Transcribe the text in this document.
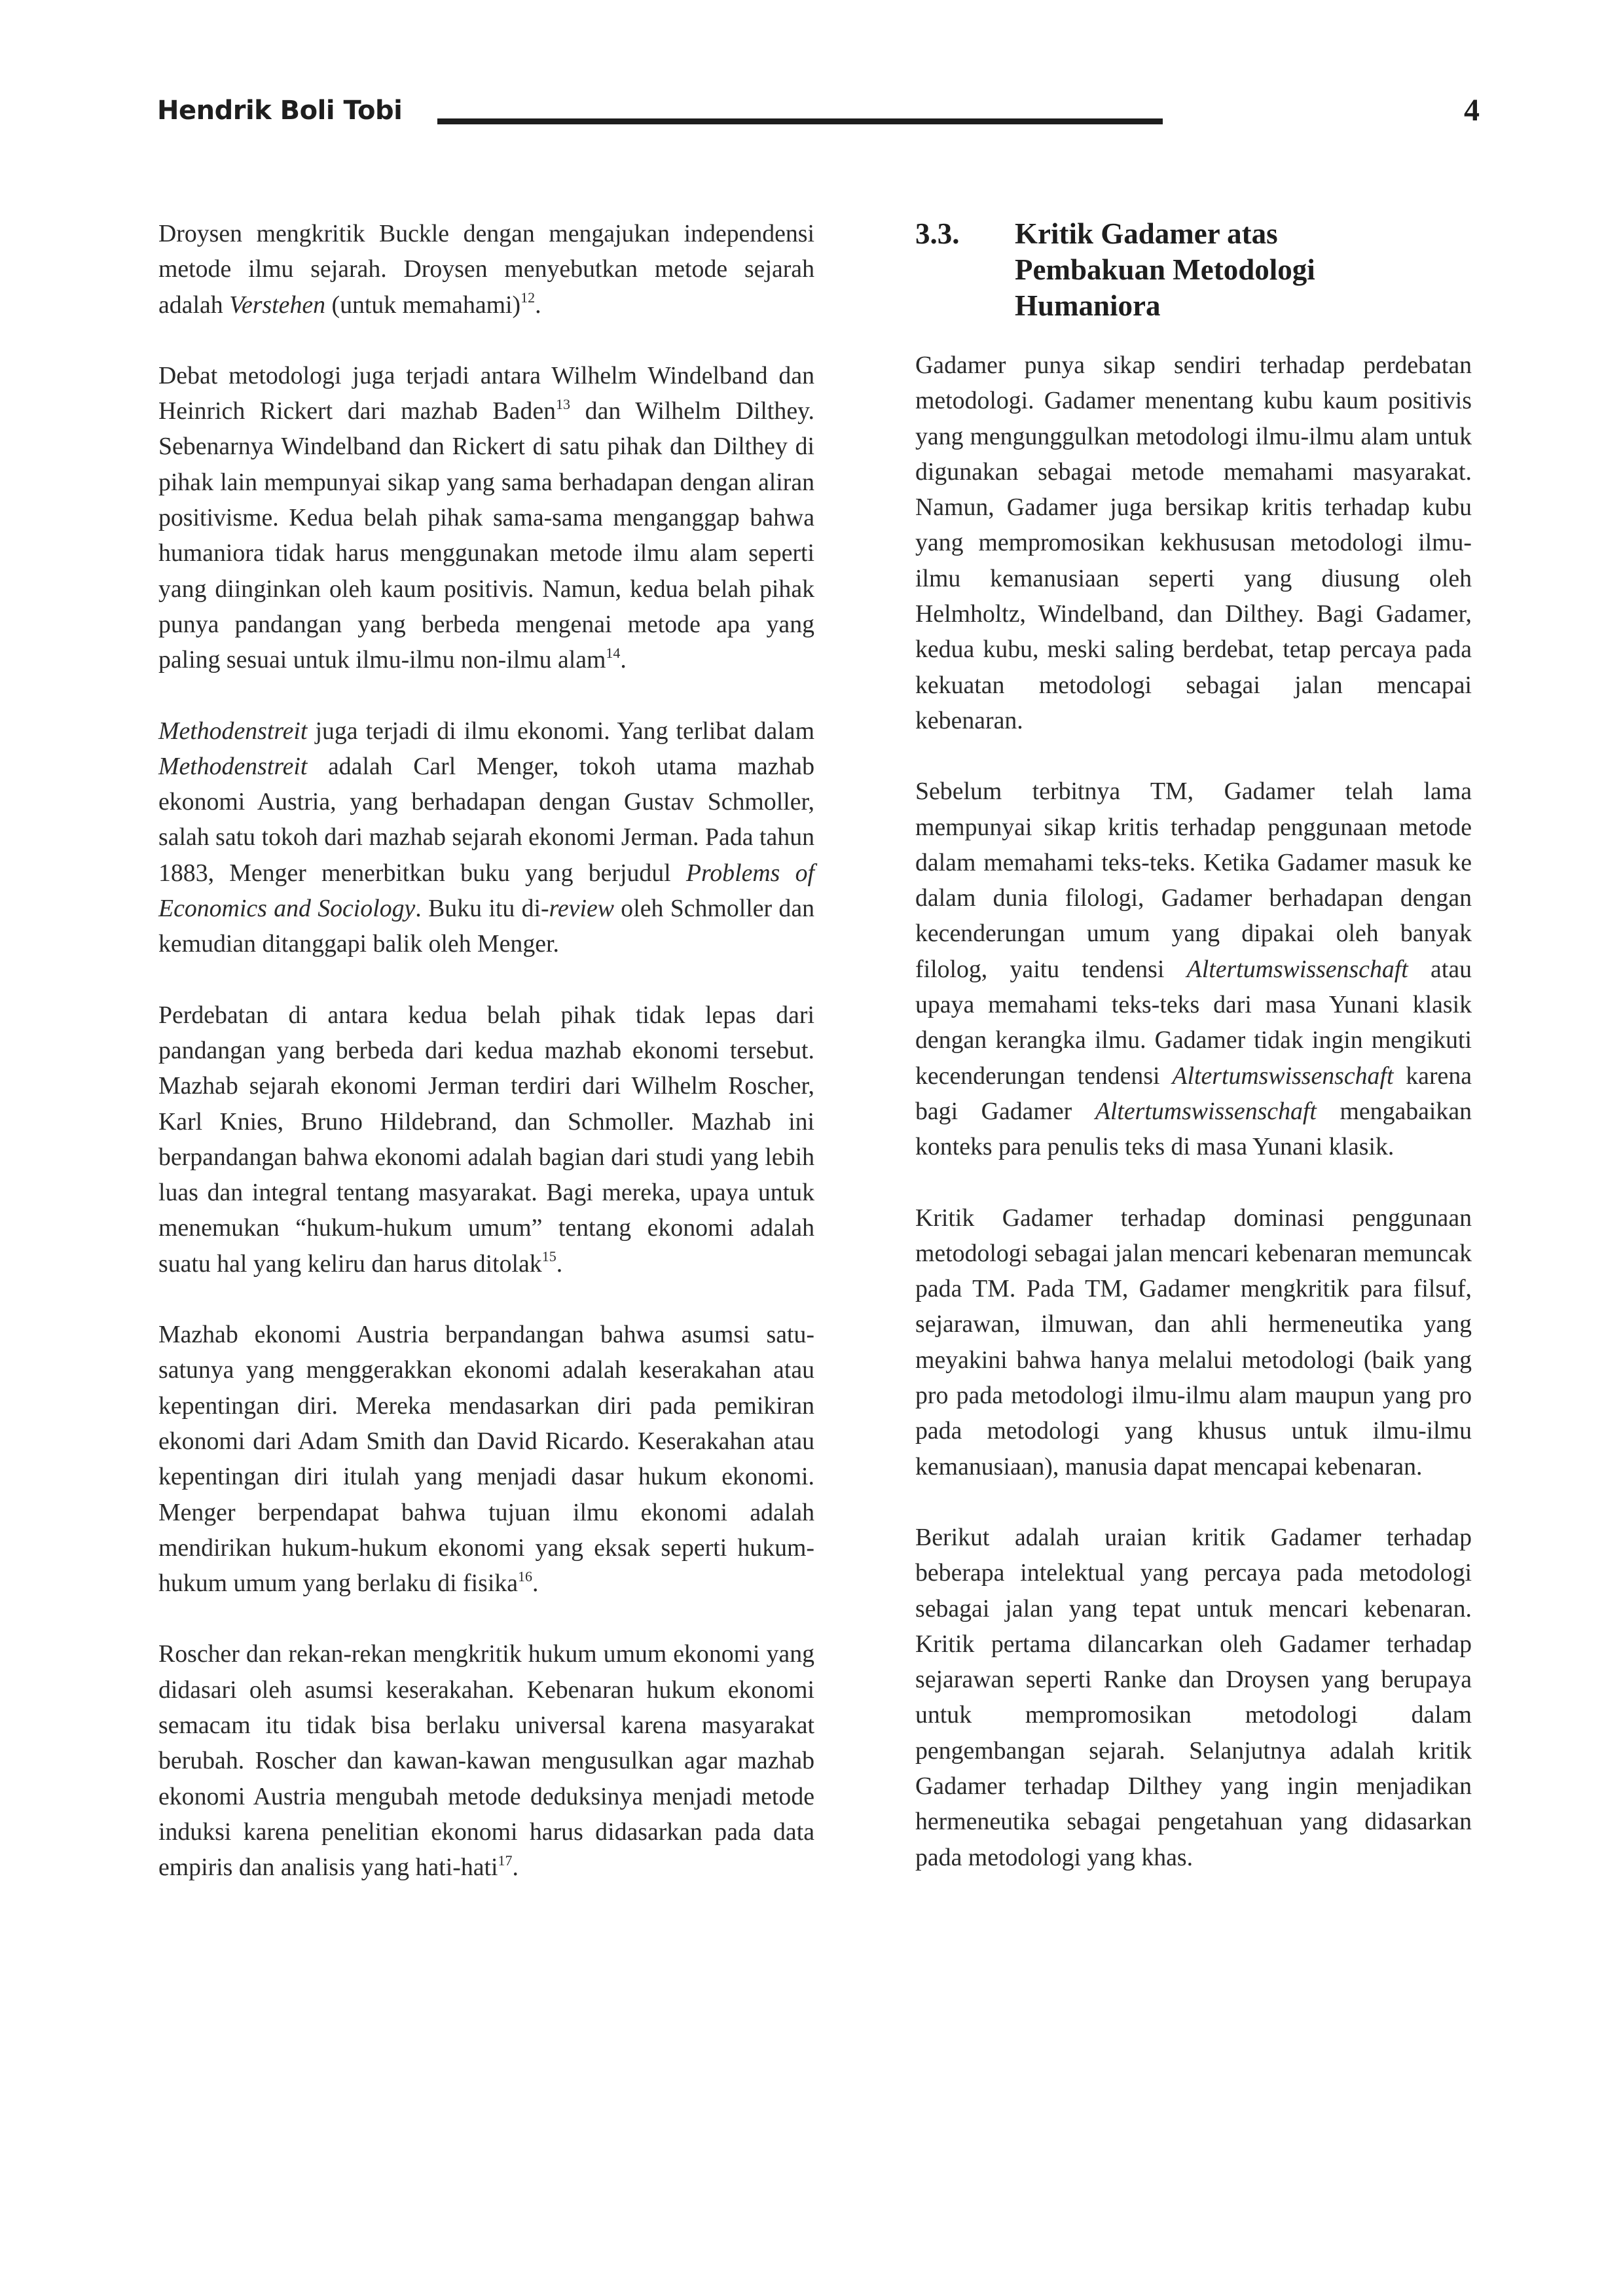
Hendrik Boli Tobi	4

Droysen mengkritik Buckle dengan mengajukan independensi metode ilmu sejarah. Droysen menyebutkan metode sejarah adalah Verstehen (untuk memahami)$^{12}$.

Debat metodologi juga terjadi antara Wilhelm Windelband dan Heinrich Rickert dari mazhab Baden$^{13}$ dan Wilhelm Dilthey. Sebenarnya Windelband dan Rickert di satu pihak dan Dilthey di pihak lain mempunyai sikap yang sama berhadapan dengan aliran positivisme. Kedua belah pihak sama-sama menganggap bahwa humaniora tidak harus menggunakan metode ilmu alam seperti yang diinginkan oleh kaum positivis. Namun, kedua belah pihak punya pandangan yang berbeda mengenai metode apa yang paling sesuai untuk ilmu-ilmu non-ilmu alam$^{14}$.

Methodenstreit juga terjadi di ilmu ekonomi. Yang terlibat dalam Methodenstreit adalah Carl Menger, tokoh utama mazhab ekonomi Austria, yang berhadapan dengan Gustav Schmoller, salah satu tokoh dari mazhab sejarah ekonomi Jerman. Pada tahun 1883, Menger menerbitkan buku yang berjudul Problems of Economics and Sociology. Buku itu di-review oleh Schmoller dan kemudian ditanggapi balik oleh Menger.

Perdebatan di antara kedua belah pihak tidak lepas dari pandangan yang berbeda dari kedua mazhab ekonomi tersebut. Mazhab sejarah ekonomi Jerman terdiri dari Wilhelm Roscher, Karl Knies, Bruno Hildebrand, dan Schmoller. Mazhab ini berpandangan bahwa ekonomi adalah bagian dari studi yang lebih luas dan integral tentang masyarakat. Bagi mereka, upaya untuk menemukan “hukum-hukum umum” tentang ekonomi adalah suatu hal yang keliru dan harus ditolak$^{15}$.

Mazhab ekonomi Austria berpandangan bahwa asumsi satu-satunya yang menggerakkan ekonomi adalah keserakahan atau kepentingan diri. Mereka mendasarkan diri pada pemikiran ekonomi dari Adam Smith dan David Ricardo. Keserakahan atau kepentingan diri itulah yang menjadi dasar hukum ekonomi. Menger berpendapat bahwa tujuan ilmu ekonomi adalah mendirikan hukum-hukum ekonomi yang eksak seperti hukum-hukum umum yang berlaku di fisika$^{16}$.

Roscher dan rekan-rekan mengkritik hukum umum ekonomi yang didasari oleh asumsi keserakahan. Kebenaran hukum ekonomi semacam itu tidak bisa berlaku universal karena masyarakat berubah. Roscher dan kawan-kawan mengusulkan agar mazhab ekonomi Austria mengubah metode deduksinya menjadi metode induksi karena penelitian ekonomi harus didasarkan pada data empiris dan analisis yang hati-hati$^{17}$.

3.3.	Kritik Gadamer atas Pembakuan Metodologi Humaniora

Gadamer punya sikap sendiri terhadap perdebatan metodologi. Gadamer menentang kubu kaum positivis yang mengunggulkan metodologi ilmu-ilmu alam untuk digunakan sebagai metode memahami masyarakat. Namun, Gadamer juga bersikap kritis terhadap kubu yang mempromosikan kekhususan metodologi ilmu-ilmu kemanusiaan seperti yang diusung oleh Helmholtz, Windelband, dan Dilthey. Bagi Gadamer, kedua kubu, meski saling berdebat, tetap percaya pada kekuatan metodologi sebagai jalan mencapai kebenaran.

Sebelum terbitnya TM, Gadamer telah lama mempunyai sikap kritis terhadap penggunaan metode dalam memahami teks-teks. Ketika Gadamer masuk ke dalam dunia filologi, Gadamer berhadapan dengan kecenderungan umum yang dipakai oleh banyak filolog, yaitu tendensi Altertumswissenschaft atau upaya memahami teks-teks dari masa Yunani klasik dengan kerangka ilmu. Gadamer tidak ingin mengikuti kecenderungan tendensi Altertumswissenschaft karena bagi Gadamer Altertumswissenschaft mengabaikan konteks para penulis teks di masa Yunani klasik.

Kritik Gadamer terhadap dominasi penggunaan metodologi sebagai jalan mencari kebenaran memuncak pada TM. Pada TM, Gadamer mengkritik para filsuf, sejarawan, ilmuwan, dan ahli hermeneutika yang meyakini bahwa hanya melalui metodologi (baik yang pro pada metodologi ilmu-ilmu alam maupun yang pro pada metodologi yang khusus untuk ilmu-ilmu kemanusiaan), manusia dapat mencapai kebenaran.

Berikut adalah uraian kritik Gadamer terhadap beberapa intelektual yang percaya pada metodologi sebagai jalan yang tepat untuk mencari kebenaran. Kritik pertama dilancarkan oleh Gadamer terhadap sejarawan seperti Ranke dan Droysen yang berupaya untuk mempromosikan metodologi dalam pengembangan sejarah. Selanjutnya adalah kritik Gadamer terhadap Dilthey yang ingin menjadikan hermeneutika sebagai pengetahuan yang didasarkan pada metodologi yang khas.
